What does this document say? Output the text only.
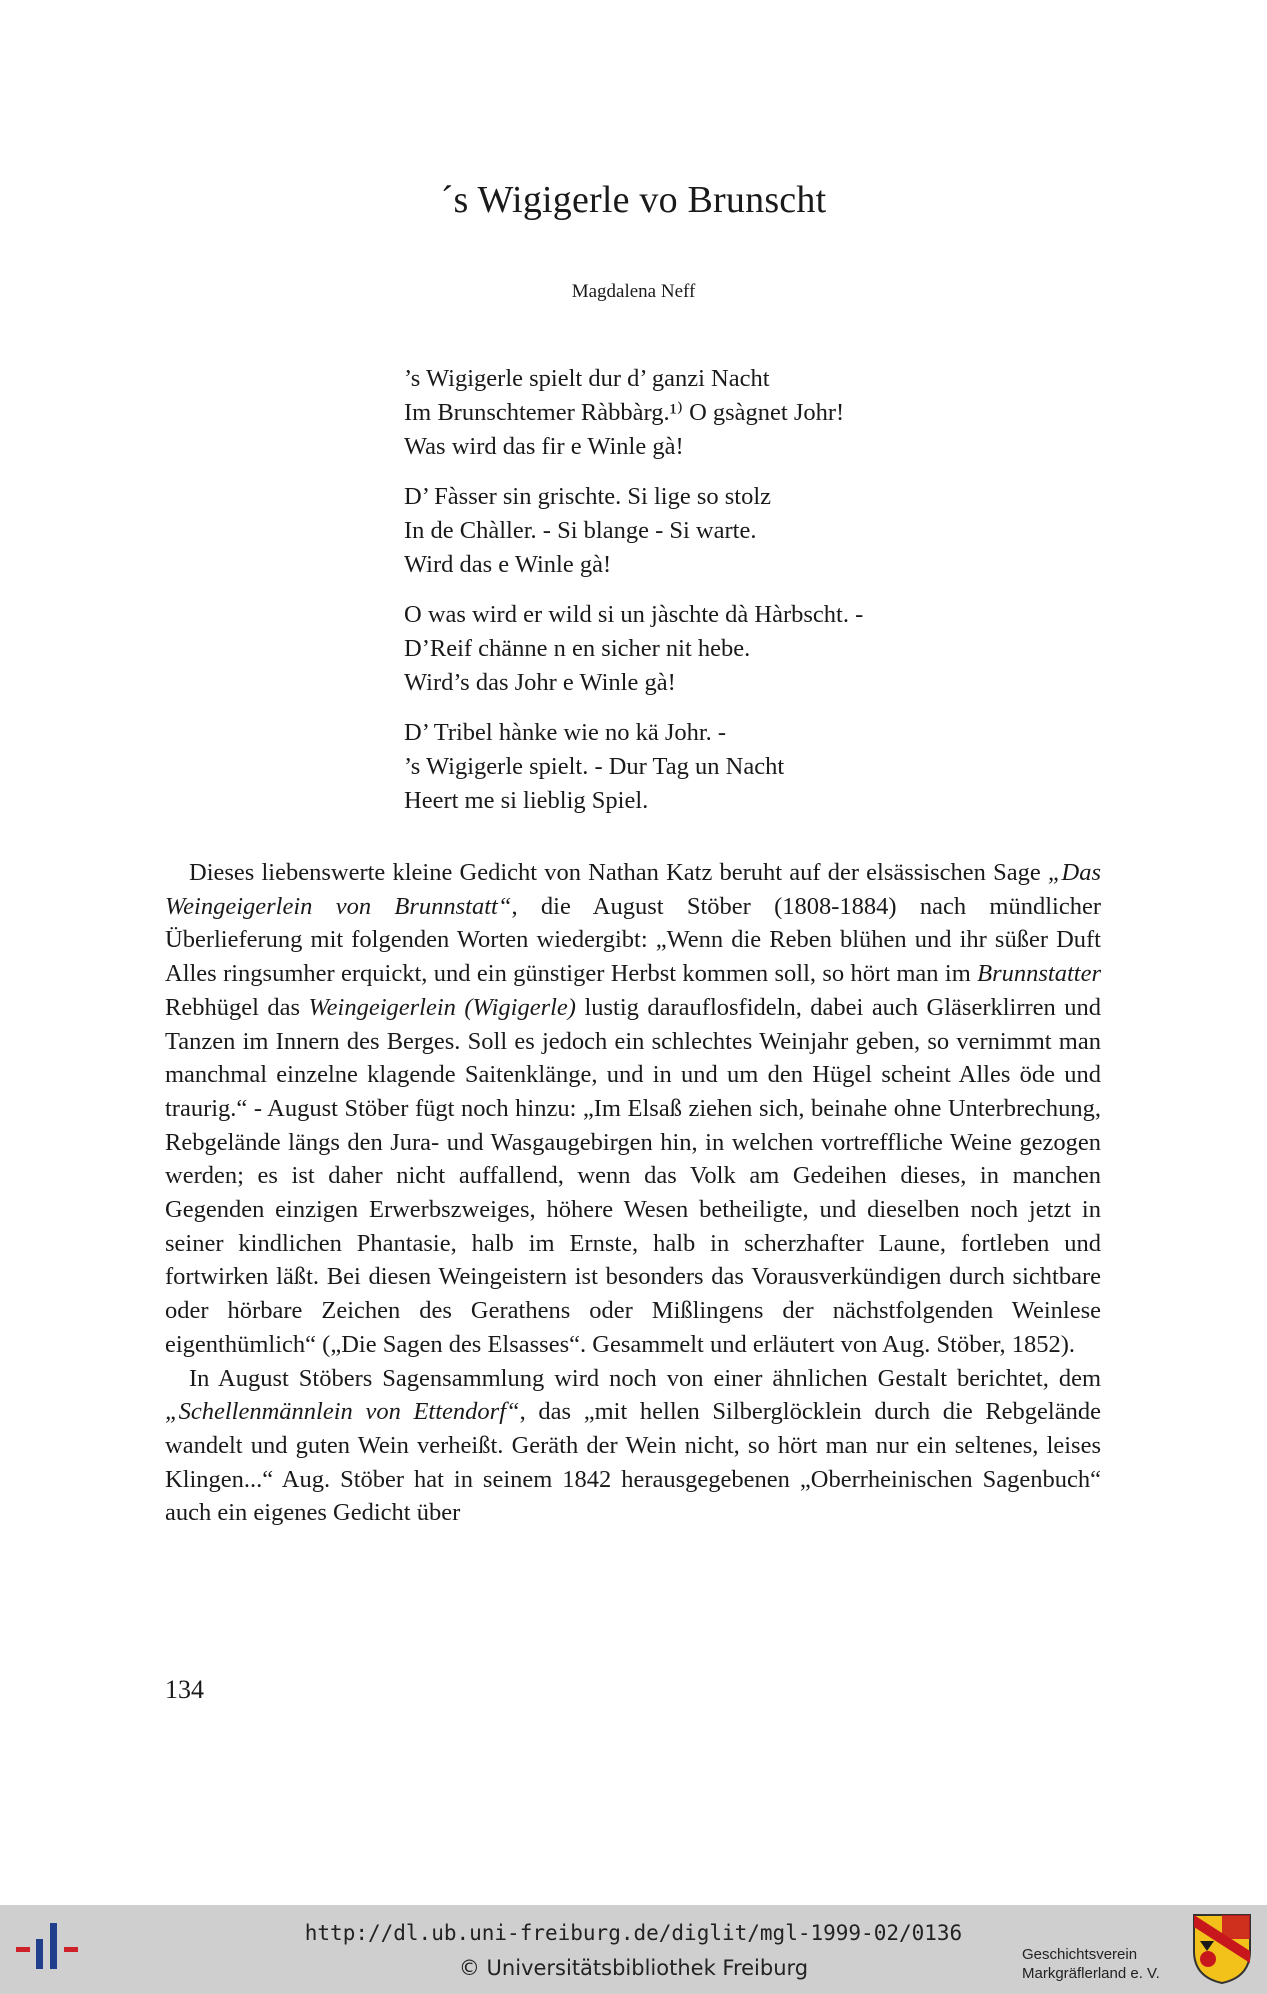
´s Wigigerle vo Brunscht
Magdalena Neff
’s Wigigerle spielt dur d’ ganzi Nacht
Im Brunschtemer Ràbbàrg.¹⁾ O gsàgnet Johr!
Was wird das fir e Winle gà!
D’ Fàsser sin grischte. Si lige so stolz
In de Chàller. - Si blange - Si warte.
Wird das e Winle gà!
O was wird er wild si un jàschte dà Hàrbscht. -
D’Reif chänne n en sicher nit hebe.
Wird’s das Johr e Winle gà!
D’ Tribel hànke wie no kä Johr. -
’s Wigigerle spielt. - Dur Tag un Nacht
Heert me si lieblig Spiel.

Dieses liebenswerte kleine Gedicht von Nathan Katz beruht auf der elsässischen Sage „Das Weingeigerlein von Brunnstatt“, die August Stöber (1808-1884) nach mündlicher Überlieferung mit folgenden Worten wiedergibt: „Wenn die Reben blühen und ihr süßer Duft Alles ringsumher erquickt, und ein günstiger Herbst kommen soll, so hört man im Brunnstatter Rebhügel das Weingeigerlein (Wigigerle) lustig darauflosfideln, dabei auch Gläserklirren und Tanzen im Innern des Berges. Soll es jedoch ein schlechtes Weinjahr geben, so vernimmt man manchmal einzelne klagende Saitenklänge, und in und um den Hügel scheint Alles öde und traurig.“ - August Stöber fügt noch hinzu: „Im Elsaß ziehen sich, beinahe ohne Unterbrechung, Rebgelände längs den Jura- und Wasgaugebirgen hin, in welchen vortreffliche Weine gezogen werden; es ist daher nicht auffallend, wenn das Volk am Gedeihen dieses, in manchen Gegenden einzigen Erwerbszweiges, höhere Wesen betheiligte, und dieselben noch jetzt in seiner kindlichen Phantasie, halb im Ernste, halb in scherzhafter Laune, fortleben und fortwirken läßt. Bei diesen Weingeistern ist besonders das Vorausverkündigen durch sichtbare oder hörbare Zeichen des Gerathens oder Mißlingens der nächstfolgenden Weinlese eigenthümlich“ („Die Sagen des Elsasses“. Gesammelt und erläutert von Aug. Stöber, 1852).

In August Stöbers Sagensammlung wird noch von einer ähnlichen Gestalt berichtet, dem „Schellenmännlein von Ettendorf“, das „mit hellen Silberglöcklein durch die Rebgelände wandelt und guten Wein verheißt. Geräth der Wein nicht, so hört man nur ein seltenes, leises Klingen...“ Aug. Stöber hat in seinem 1842 herausgegebenen „Oberrheinischen Sagenbuch“ auch ein eigenes Gedicht über

134
http://dl.ub.uni-freiburg.de/diglit/mgl-1999-02/0136
© Universitätsbibliothek Freiburg
Geschichtsverein
Markgräflerland e. V.
